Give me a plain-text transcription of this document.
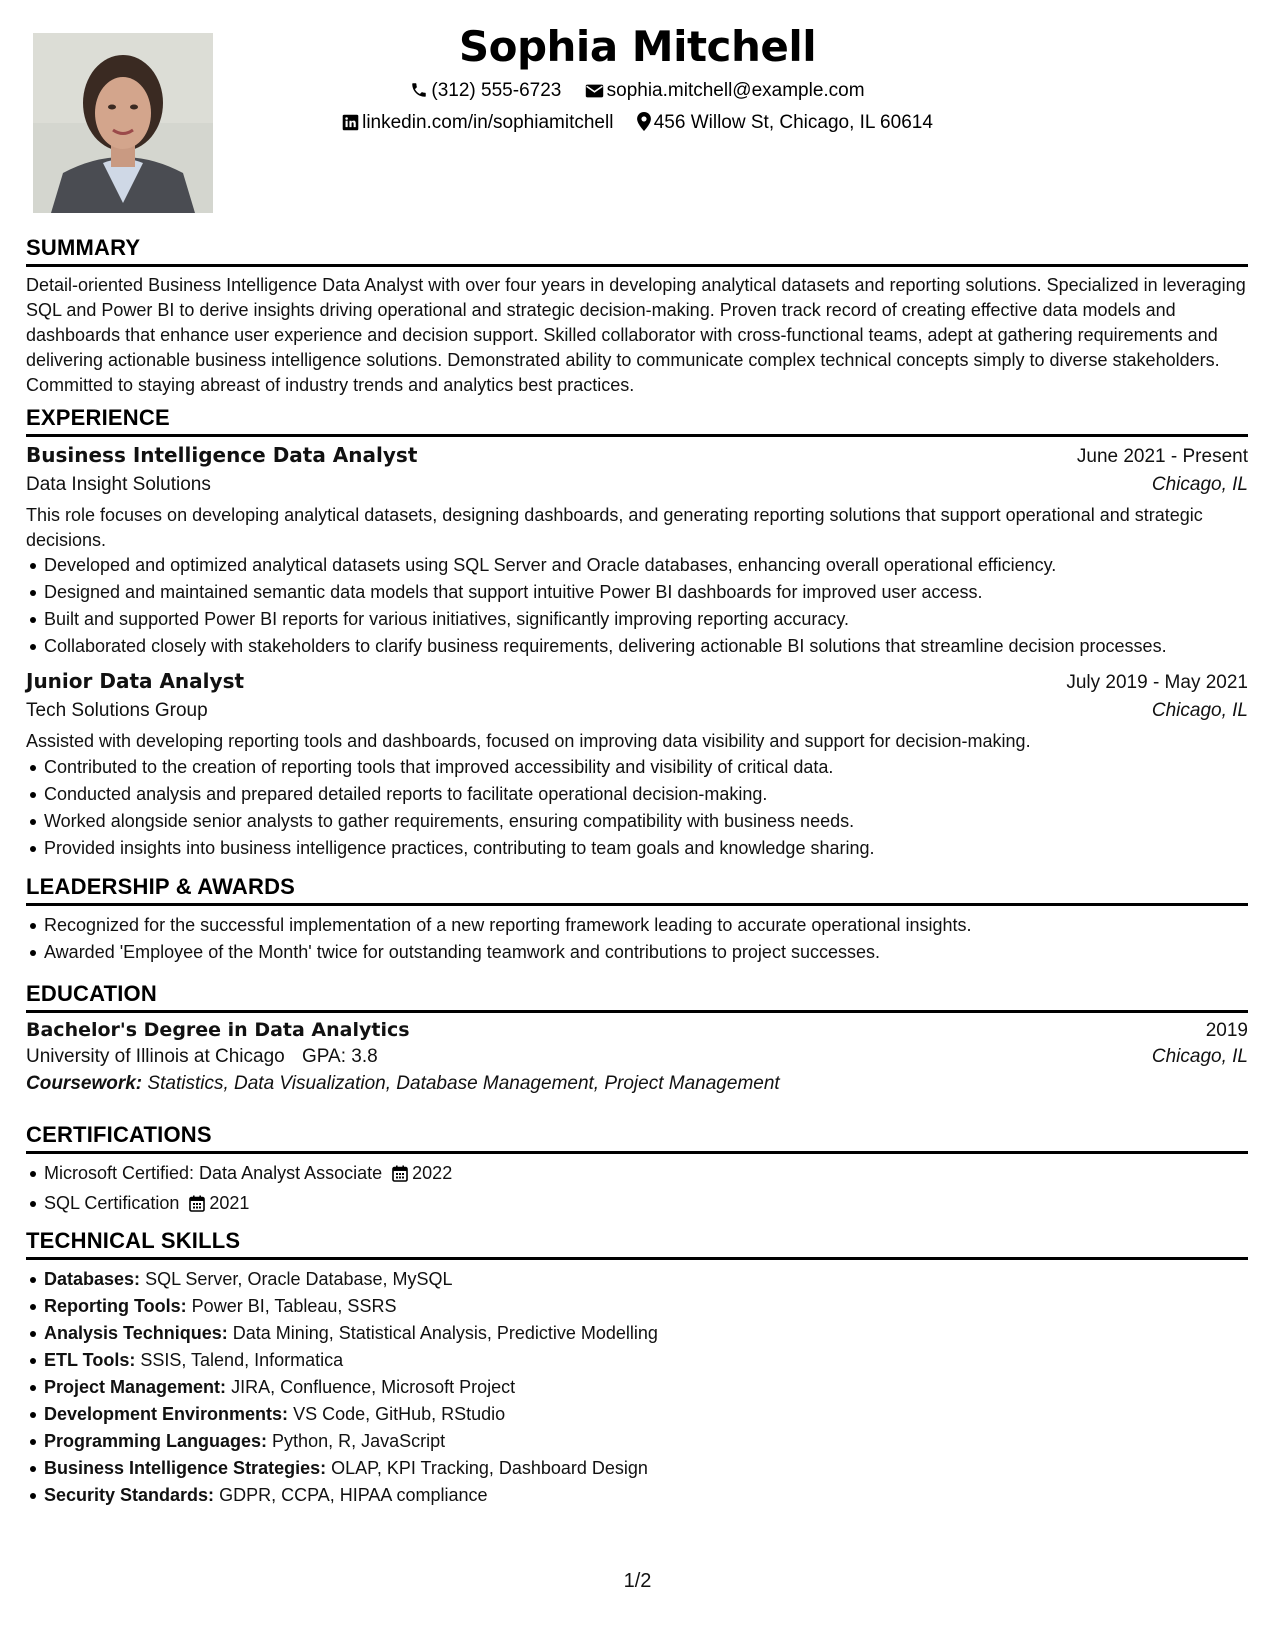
Sophia Mitchell
(312) 555-6723 sophia.mitchell@example.com
linkedin.com/in/sophiamitchell 456 Willow St, Chicago, IL 60614
SUMMARY

Detail-oriented Business Intelligence Data Analyst with over four years in developing analytical datasets and reporting solutions. Specialized in leveraging SQL and Power BI to derive insights driving operational and strategic decision-making. Proven track record of creating effective data models and dashboards that enhance user experience and decision support. Skilled collaborator with cross-functional teams, adept at gathering requirements and delivering actionable business intelligence solutions. Demonstrated ability to communicate complex technical concepts simply to diverse stakeholders. Committed to staying abreast of industry trends and analytics best practices.

EXPERIENCE
Business Intelligence Data Analyst	June 2021 - Present
Data Insight Solutions	Chicago, IL

This role focuses on developing analytical datasets, designing dashboards, and generating reporting solutions that support operational and strategic decisions.

Developed and optimized analytical datasets using SQL Server and Oracle databases, enhancing overall operational efficiency.
Designed and maintained semantic data models that support intuitive Power BI dashboards for improved user access.
Built and supported Power BI reports for various initiatives, significantly improving reporting accuracy.
Collaborated closely with stakeholders to clarify business requirements, delivering actionable BI solutions that streamline decision processes.
Junior Data Analyst	July 2019 - May 2021
Tech Solutions Group	Chicago, IL

Assisted with developing reporting tools and dashboards, focused on improving data visibility and support for decision-making.

Contributed to the creation of reporting tools that improved accessibility and visibility of critical data.
Conducted analysis and prepared detailed reports to facilitate operational decision-making.
Worked alongside senior analysts to gather requirements, ensuring compatibility with business needs.
Provided insights into business intelligence practices, contributing to team goals and knowledge sharing.
LEADERSHIP & AWARDS
Recognized for the successful implementation of a new reporting framework leading to accurate operational insights.
Awarded 'Employee of the Month' twice for outstanding teamwork and contributions to project successes.
EDUCATION
Bachelor's Degree in Data Analytics	2019
University of Illinois at Chicago GPA: 3.8	Chicago, IL
Coursework: Statistics, Data Visualization, Database Management, Project Management
CERTIFICATIONS
Microsoft Certified: Data Analyst Associate 2022
SQL Certification 2021
TECHNICAL SKILLS
Databases: SQL Server, Oracle Database, MySQL
Reporting Tools: Power BI, Tableau, SSRS
Analysis Techniques: Data Mining, Statistical Analysis, Predictive Modelling
ETL Tools: SSIS, Talend, Informatica
Project Management: JIRA, Confluence, Microsoft Project
Development Environments: VS Code, GitHub, RStudio
Programming Languages: Python, R, JavaScript
Business Intelligence Strategies: OLAP, KPI Tracking, Dashboard Design
Security Standards: GDPR, CCPA, HIPAA compliance
1/2
